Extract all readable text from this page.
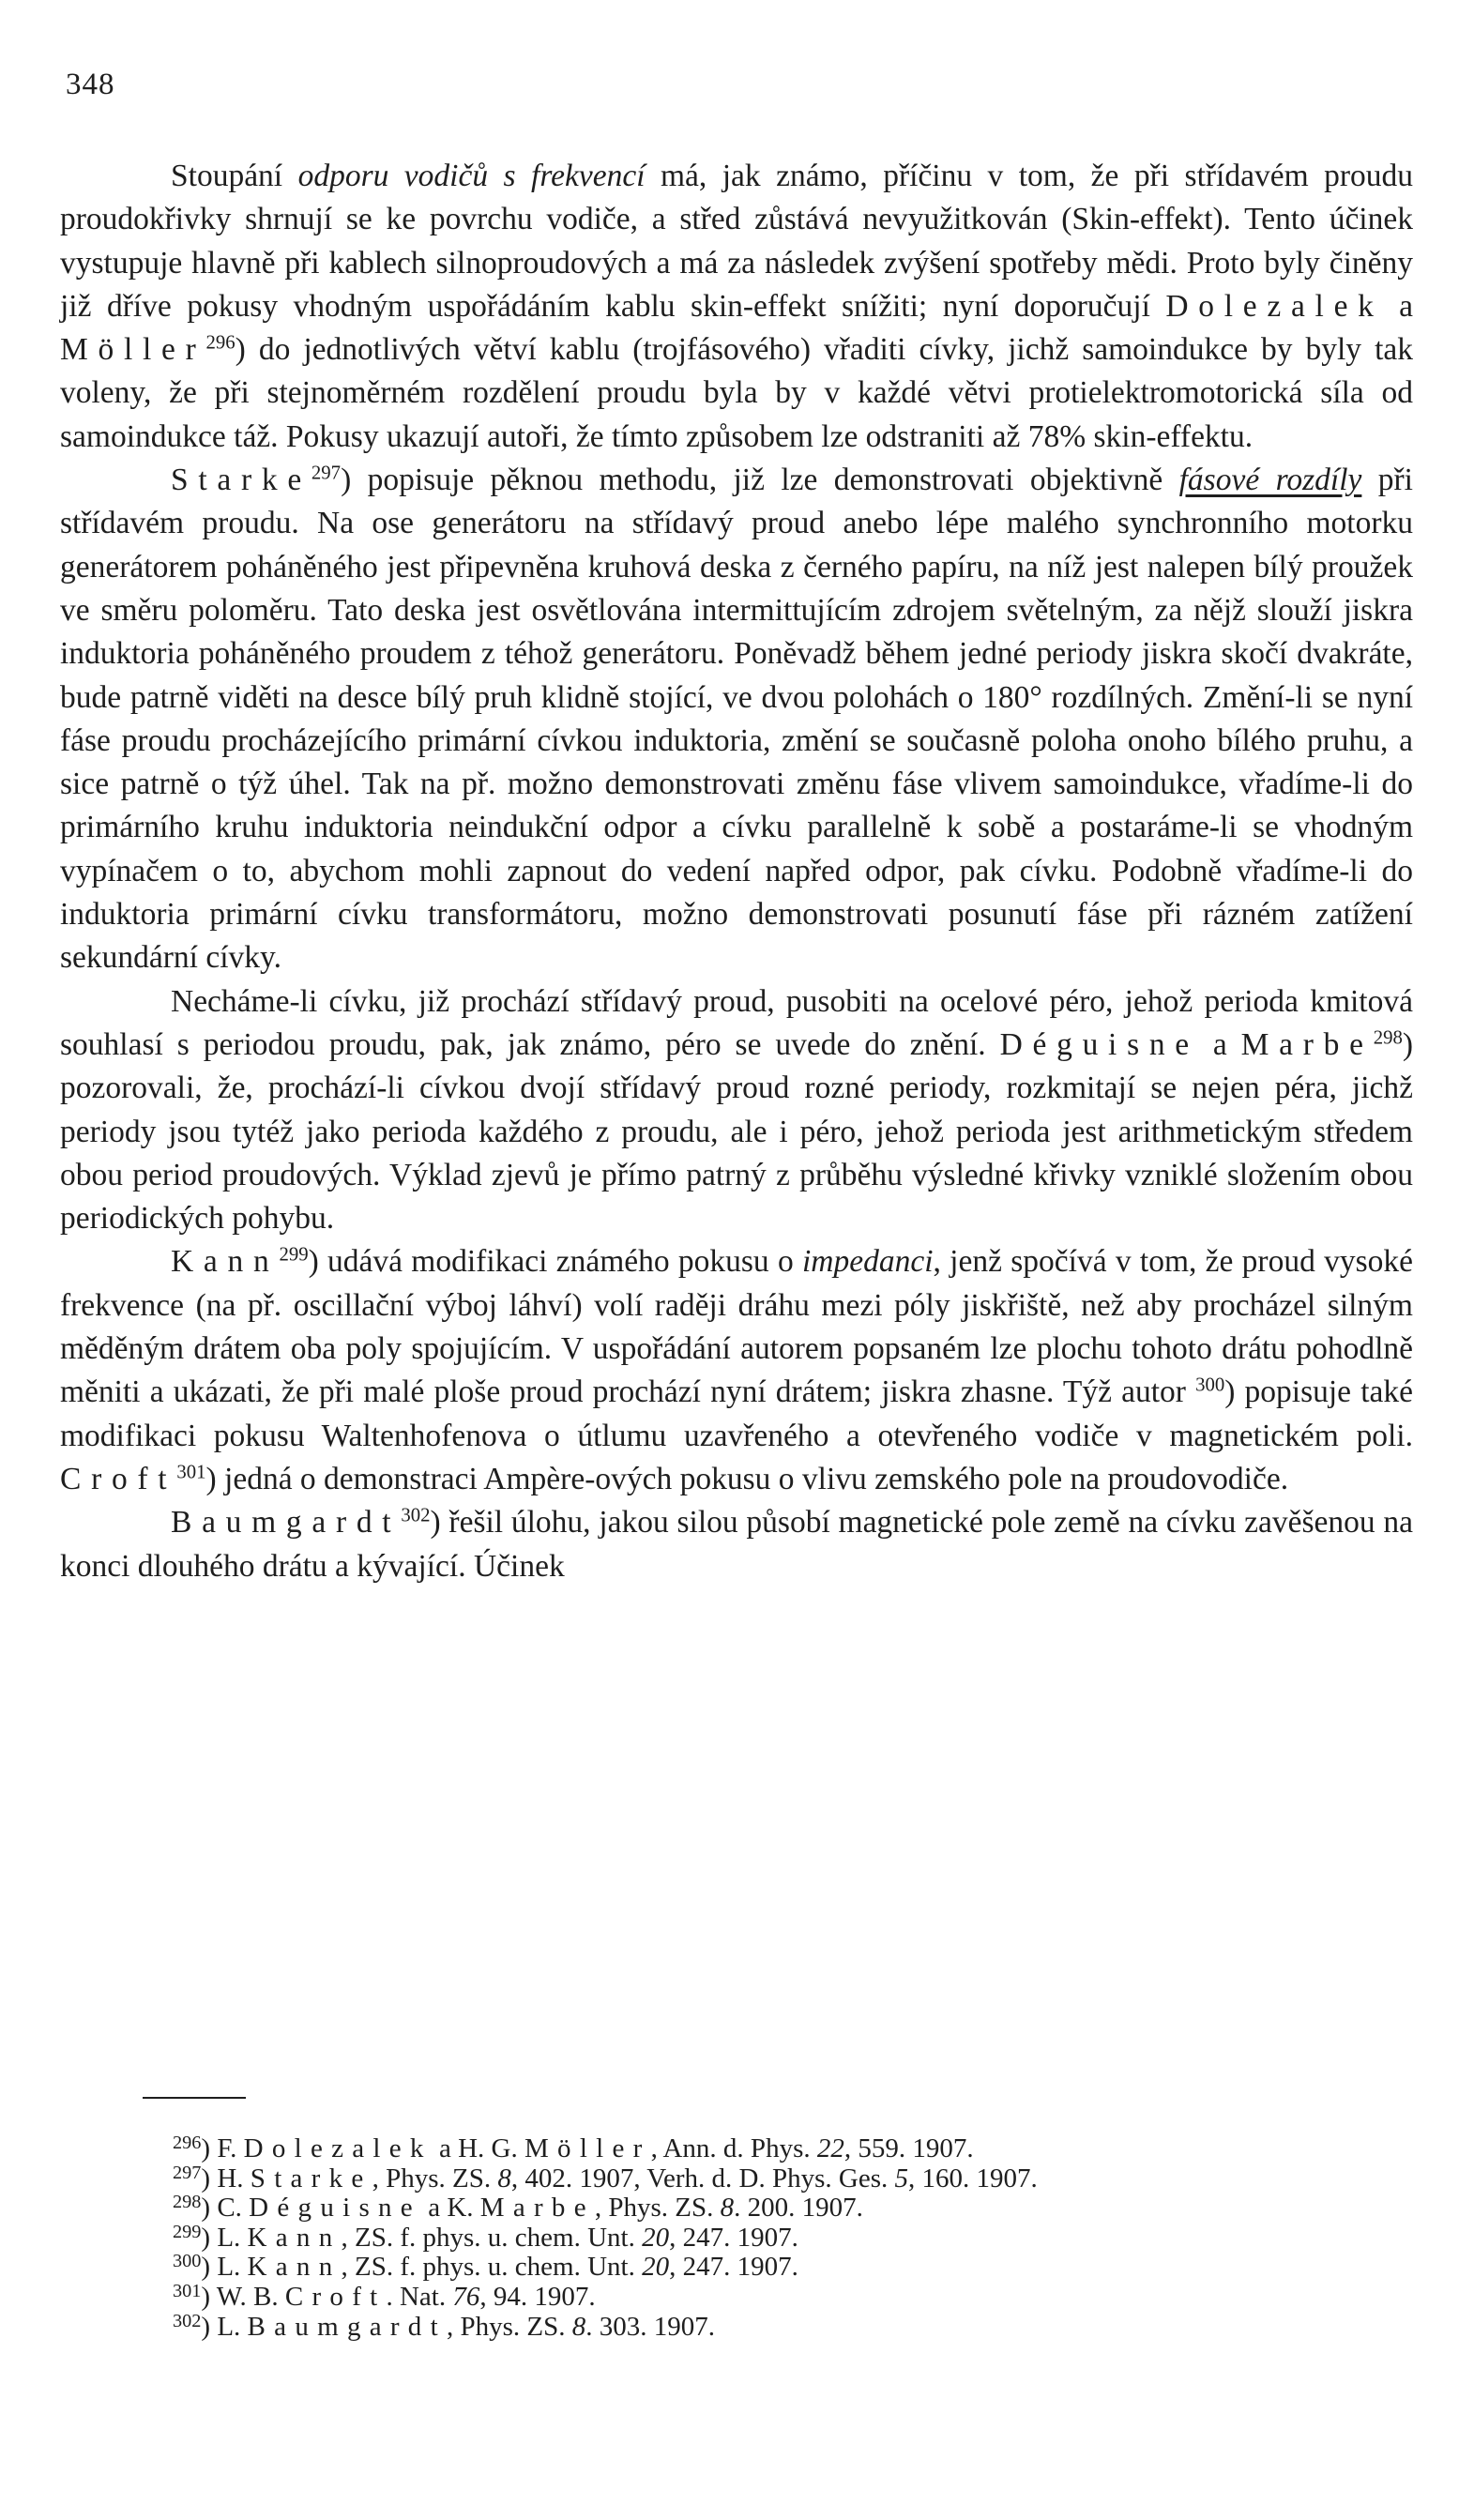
348

Stoupání odporu vodičů s frekvencí má, jak známo, příčinu v tom, že při střídavém proudu proudokřivky shrnují se ke povrchu vodiče, a střed zůstává nevyužitkován (Skin-effekt). Tento účinek vystupuje hlavně při kablech silnoproudových a má za následek zvýšení spotřeby mědi. Proto byly činěny již dříve pokusy vhodným uspořádáním kablu skin-effekt snížiti; nyní doporučují Dolezalek a Möller$^{296}$) do jednotlivých větví kablu (trojfásového) vřaditi cívky, jichž samoindukce by byly tak voleny, že při stejnoměrném rozdělení proudu byla by v každé větvi protielektromotorická síla od samoindukce táž. Pokusy ukazují autoři, že tímto způsobem lze odstraniti až 78% skin-effektu.

Starke$^{297}$) popisuje pěknou methodu, již lze demonstrovati objektivně fásové rozdíly při střídavém proudu. Na ose generátoru na střídavý proud anebo lépe malého synchronního motorku generátorem poháněného jest připevněna kruhová deska z černého papíru, na níž jest nalepen bílý proužek ve směru poloměru. Tato deska jest osvětlována intermittujícím zdrojem světelným, za nějž slouží jiskra induktoria poháněného proudem z téhož generátoru. Poněvadž během jedné periody jiskra skočí dvakráte, bude patrně viděti na desce bílý pruh klidně stojící, ve dvou polohách o 180° rozdílných. Změní-li se nyní fáse proudu procházejícího primární cívkou induktoria, změní se současně poloha onoho bílého pruhu, a sice patrně o týž úhel. Tak na př. možno demonstrovati změnu fáse vlivem samoindukce, vřadíme-li do primárního kruhu induktoria neindukční odpor a cívku parallelně k sobě a postaráme-li se vhodným vypínačem o to, abychom mohli zapnout do vedení napřed odpor, pak cívku. Podobně vřadíme-li do induktoria primární cívku transformátoru, možno demonstrovati posunutí fáse při rázném zatížení sekundární cívky.

Necháme-li cívku, již prochází střídavý proud, pusobiti na ocelové péro, jehož perioda kmitová souhlasí s periodou proudu, pak, jak známo, péro se uvede do znění. Déguisne a Marbe$^{298}$) pozorovali, že, prochází-li cívkou dvojí střídavý proud rozné periody, rozkmitají se nejen péra, jichž periody jsou tytéž jako perioda každého z proudu, ale i péro, jehož perioda jest arithmetickým středem obou period proudových. Výklad zjevů je přímo patrný z průběhu výsledné křivky vzniklé složením obou periodických pohybu.

Kann$^{299}$) udává modifikaci známého pokusu o impedanci, jenž spočívá v tom, že proud vysoké frekvence (na př. oscillační výboj láhví) volí raději dráhu mezi póly jiskřiště, než aby procházel silným měděným drátem oba poly spojujícím. V uspořádání autorem popsaném lze plochu tohoto drátu pohodlně měniti a ukázati, že při malé ploše proud prochází nyní drátem; jiskra zhasne. Týž autor $^{300}$) popisuje také modifikaci pokusu Waltenhofenova o útlumu uzavřeného a otevřeného vodiče v magnetickém poli. Croft$^{301}$) jedná o demonstraci Ampère-ových pokusu o vlivu zemského pole na proudovodiče.

Baumgardt$^{302}$) řešil úlohu, jakou silou působí magnetické pole země na cívku zavěšenou na konci dlouhého drátu a kývající. Účinek

$^{296}$) F. Dolezalek a H. G. Möller, Ann. d. Phys. 22, 559. 1907.
$^{297}$) H. Starke, Phys. ZS. 8, 402. 1907, Verh. d. D. Phys. Ges. 5, 160. 1907.
$^{298}$) C. Déguisne a K. Marbe, Phys. ZS. 8. 200. 1907.
$^{299}$) L. Kann, ZS. f. phys. u. chem. Unt. 20, 247. 1907.
$^{300}$) L. Kann, ZS. f. phys. u. chem. Unt. 20, 247. 1907.
$^{301}$) W. B. Croft. Nat. 76, 94. 1907.
$^{302}$) L. Baumgardt, Phys. ZS. 8. 303. 1907.
